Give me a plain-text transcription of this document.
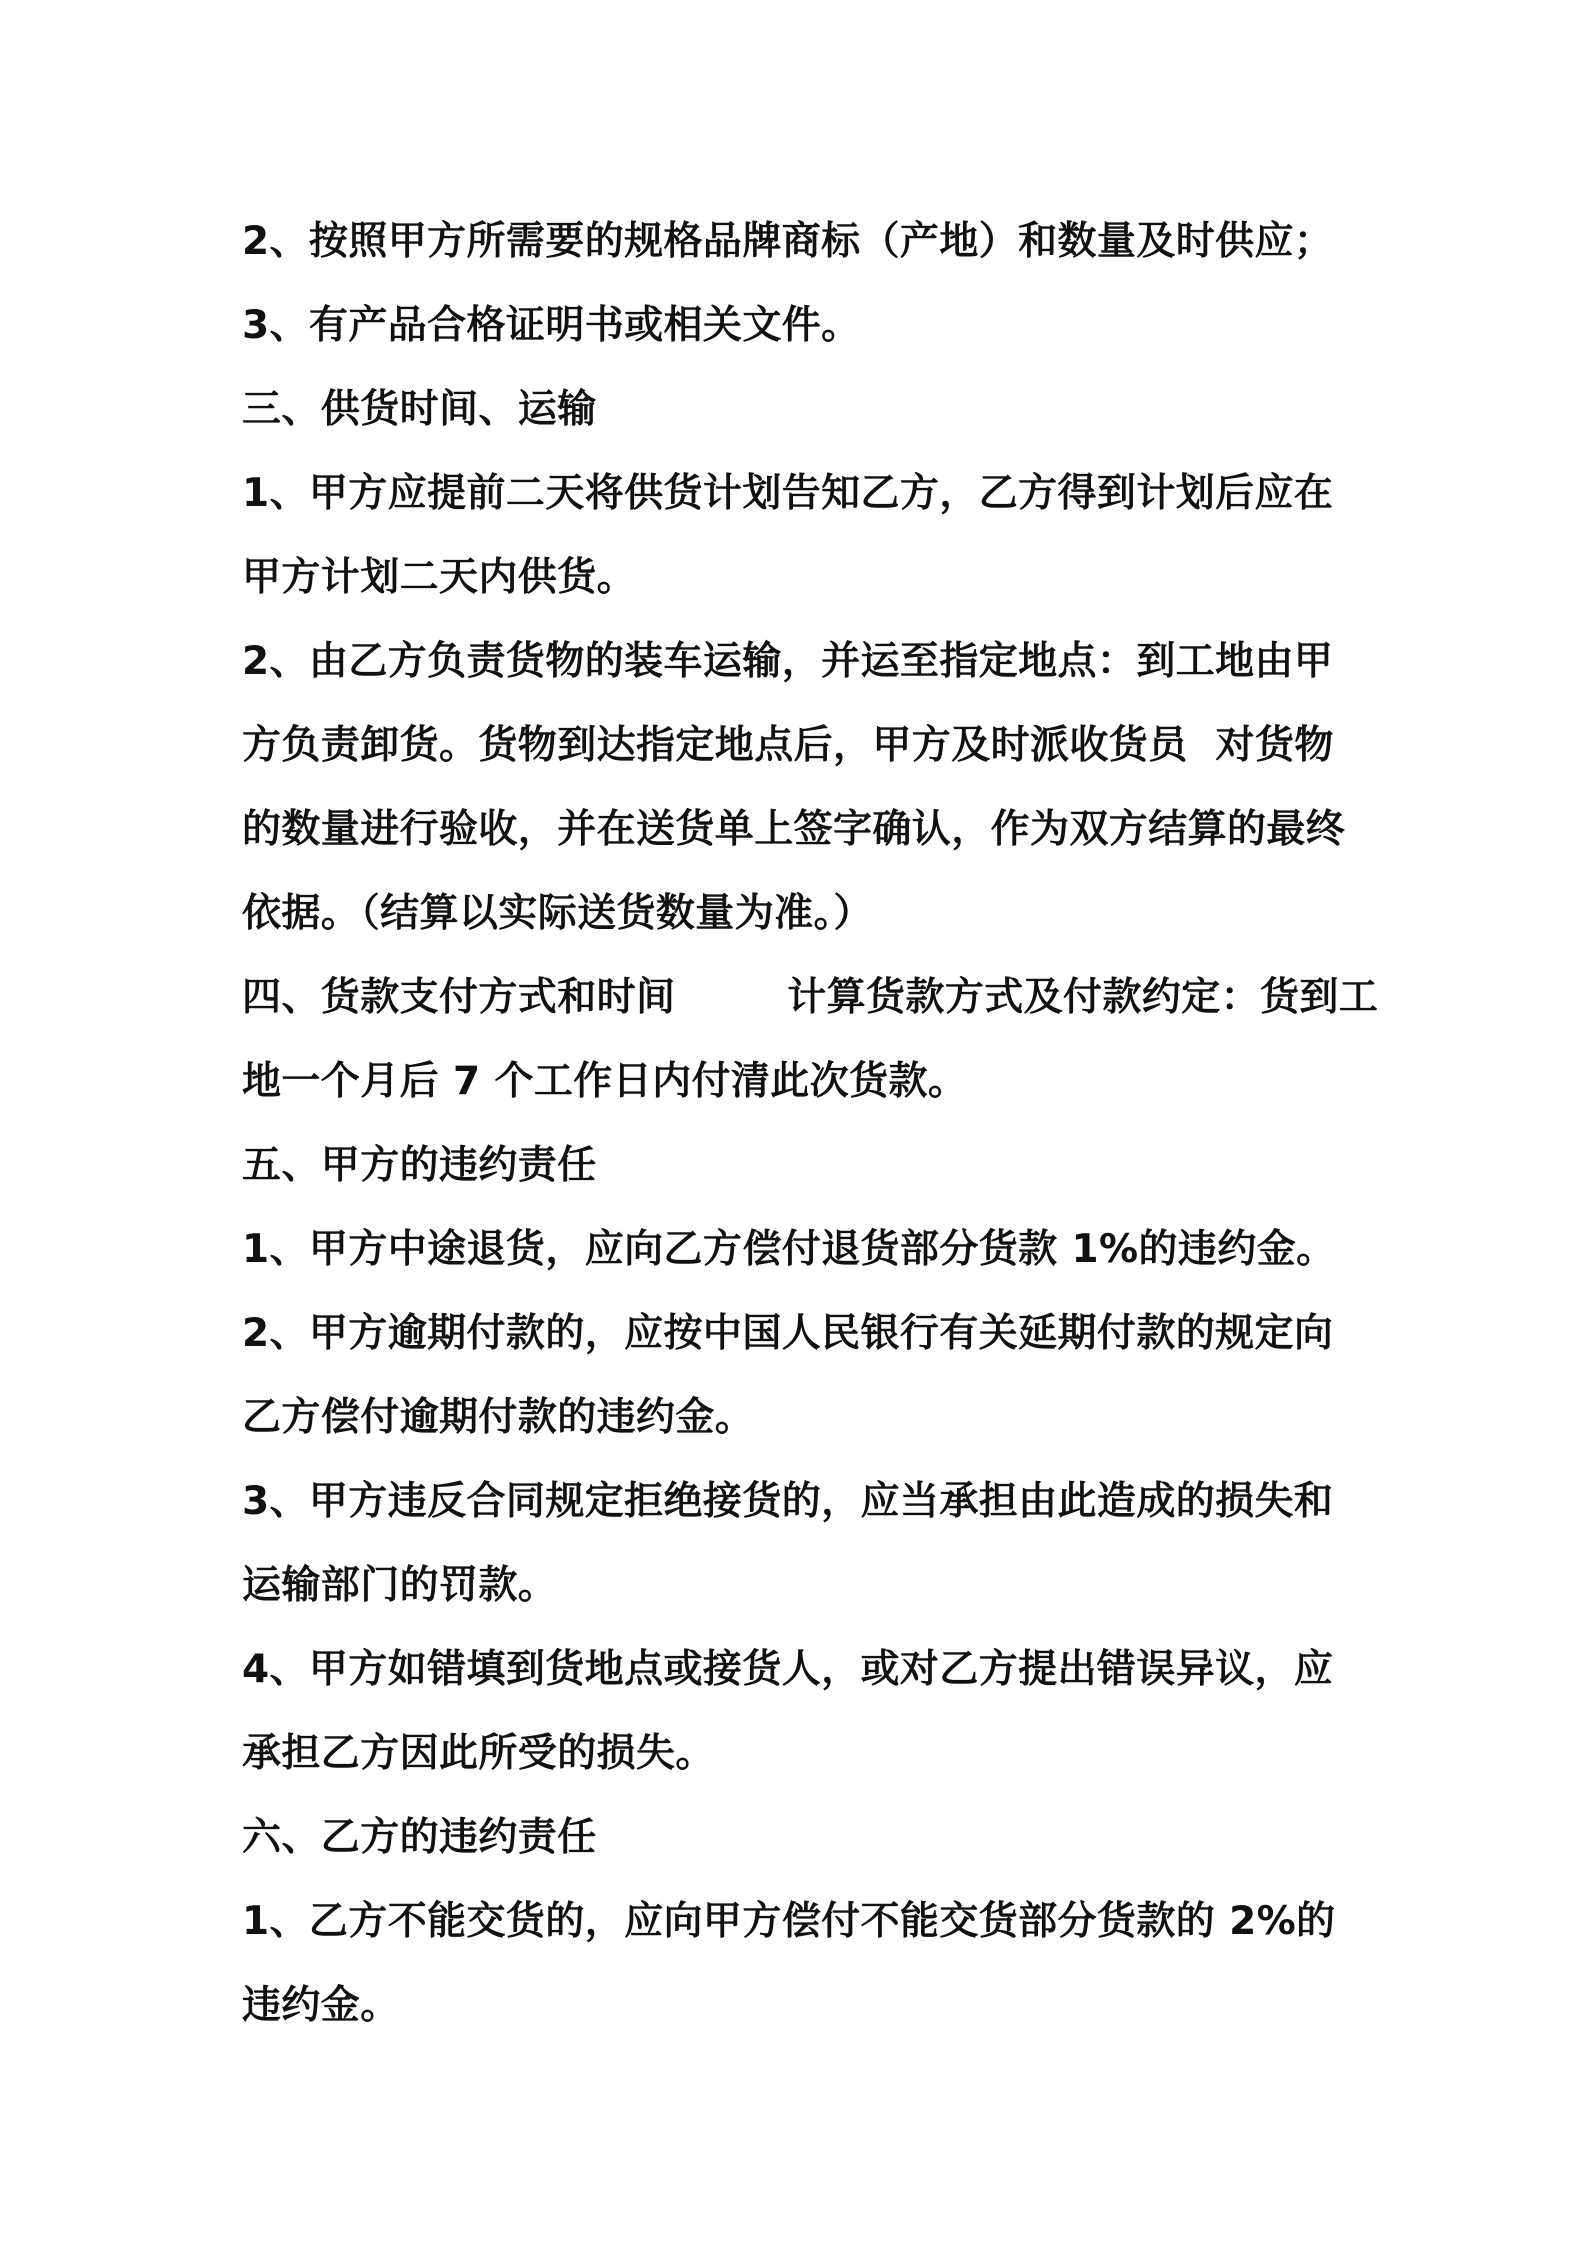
2、按照甲方所需要的规格品牌商标（产地）和数量及时供应；
3、有产品合格证明书或相关文件。
三、供货时间、运输
1、甲方应提前二天将供货计划告知乙方，乙方得到计划后应在
甲方计划二天内供货。
2、由乙方负责货物的装车运输，并运至指定地点：到工地由甲
方负责卸货。货物到达指定地点后，甲方及时派收货员  对货物
的数量进行验收，并在送货单上签字确认，作为双方结算的最终
依据。（结算以实际送货数量为准。）
四、货款支付方式和时间        计算货款方式及付款约定：货到工
地一个月后 7 个工作日内付清此次货款。
五、甲方的违约责任
1、甲方中途退货，应向乙方偿付退货部分货款 1%的违约金。
2、甲方逾期付款的，应按中国人民银行有关延期付款的规定向
乙方偿付逾期付款的违约金。
3、甲方违反合同规定拒绝接货的，应当承担由此造成的损失和
运输部门的罚款。
4、甲方如错填到货地点或接货人，或对乙方提出错误异议，应
承担乙方因此所受的损失。
六、乙方的违约责任
1、乙方不能交货的，应向甲方偿付不能交货部分货款的 2%的
违约金。
